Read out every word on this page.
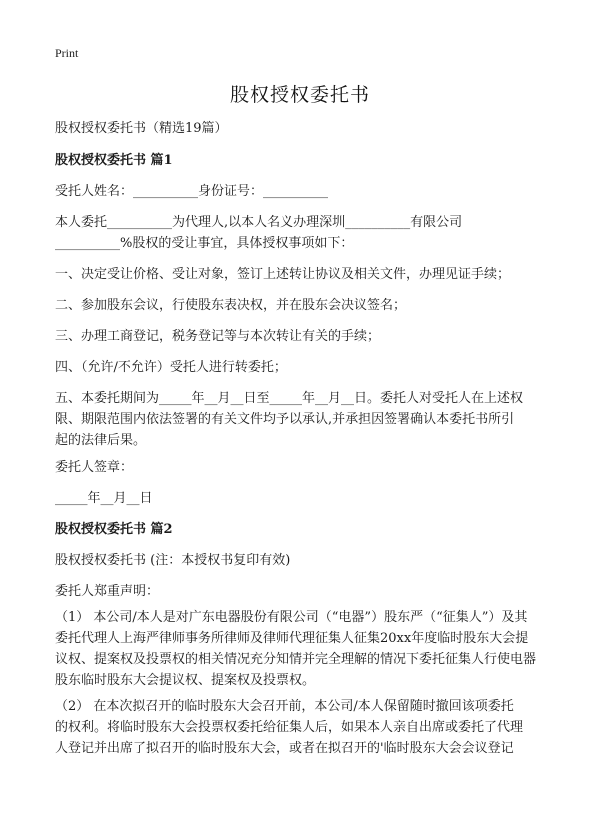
Print
股权授权委托书
股权授权委托书（精选19篇）
股权授权委托书 篇1
受托人姓名：__________身份证号：__________
本人委托__________为代理人,以本人名义办理深圳__________有限公司
__________%股权的受让事宜，具体授权事项如下：
一、决定受让价格、受让对象，签订上述转让协议及相关文件，办理见证手续；
二、参加股东会议，行使股东表决权，并在股东会决议签名；
三、办理工商登记，税务登记等与本次转让有关的手续；
四、（允许/不允许）受托人进行转委托；
五、本委托期间为_____年__月__日至_____年__月__日。委托人对受托人在上述权
限、期限范围内依法签署的有关文件均予以承认,并承担因签署确认本委托书所引
起的法律后果。
委托人签章：
_____年__月__日
股权授权委托书 篇2
股权授权委托书 (注：本授权书复印有效)
委托人郑重声明：
（1） 本公司/本人是对广东电器股份有限公司（“电器”）股东严（“征集人”）及其
委托代理人上海严律师事务所律师及律师代理征集人征集20xx年度临时股东大会提
议权、提案权及投票权的相关情况充分知情并完全理解的情况下委托征集人行使电器
股东临时股东大会提议权、提案权及投票权。
（2） 在本次拟召开的临时股东大会召开前，本公司/本人保留随时撤回该项委托
的权利。将临时股东大会投票权委托给征集人后，如果本人亲自出席或委托了代理
人登记并出席了拟召开的临时股东大会，或者在拟召开的'临时股东大会会议登记
